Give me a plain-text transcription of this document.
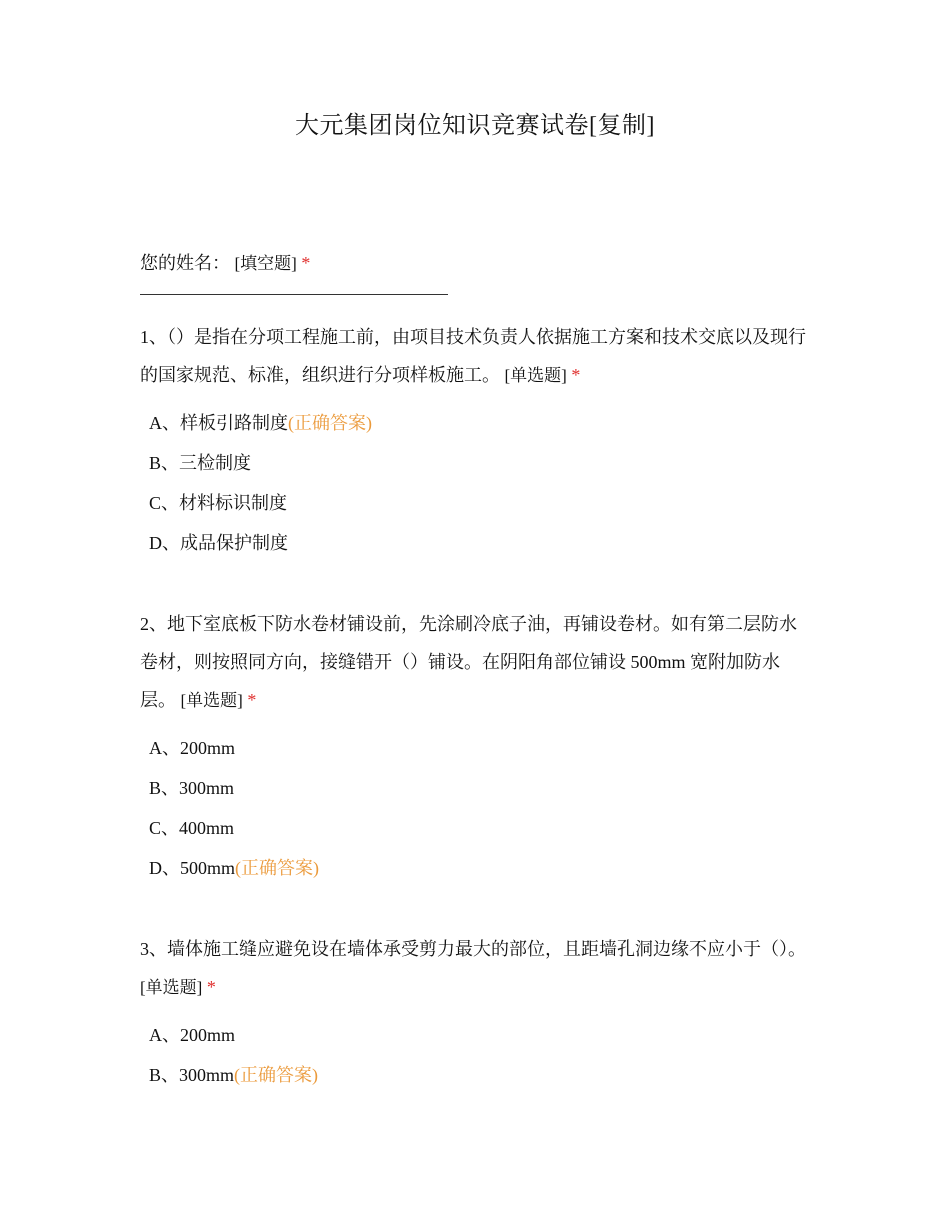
大元集团岗位知识竞赛试卷[复制]
您的姓名： [填空题] *

1、（）是指在分项工程施工前，由项目技术负责人依据施工方案和技术交底以及现行的国家规范、标准，组织进行分项样板施工。 [单选题] *

A、样板引路制度(正确答案)
B、三检制度
C、材料标识制度
D、成品保护制度

2、地下室底板下防水卷材铺设前，先涂刷冷底子油，再铺设卷材。如有第二层防水卷材，则按照同方向，接缝错开（）铺设。在阴阳角部位铺设 500mm 宽附加防水层。 [单选题] *

A、200mm
B、300mm
C、400mm
D、500mm(正确答案)

3、墙体施工缝应避免设在墙体承受剪力最大的部位，且距墙孔洞边缘不应小于（）。 [单选题] *

A、200mm
B、300mm(正确答案)
